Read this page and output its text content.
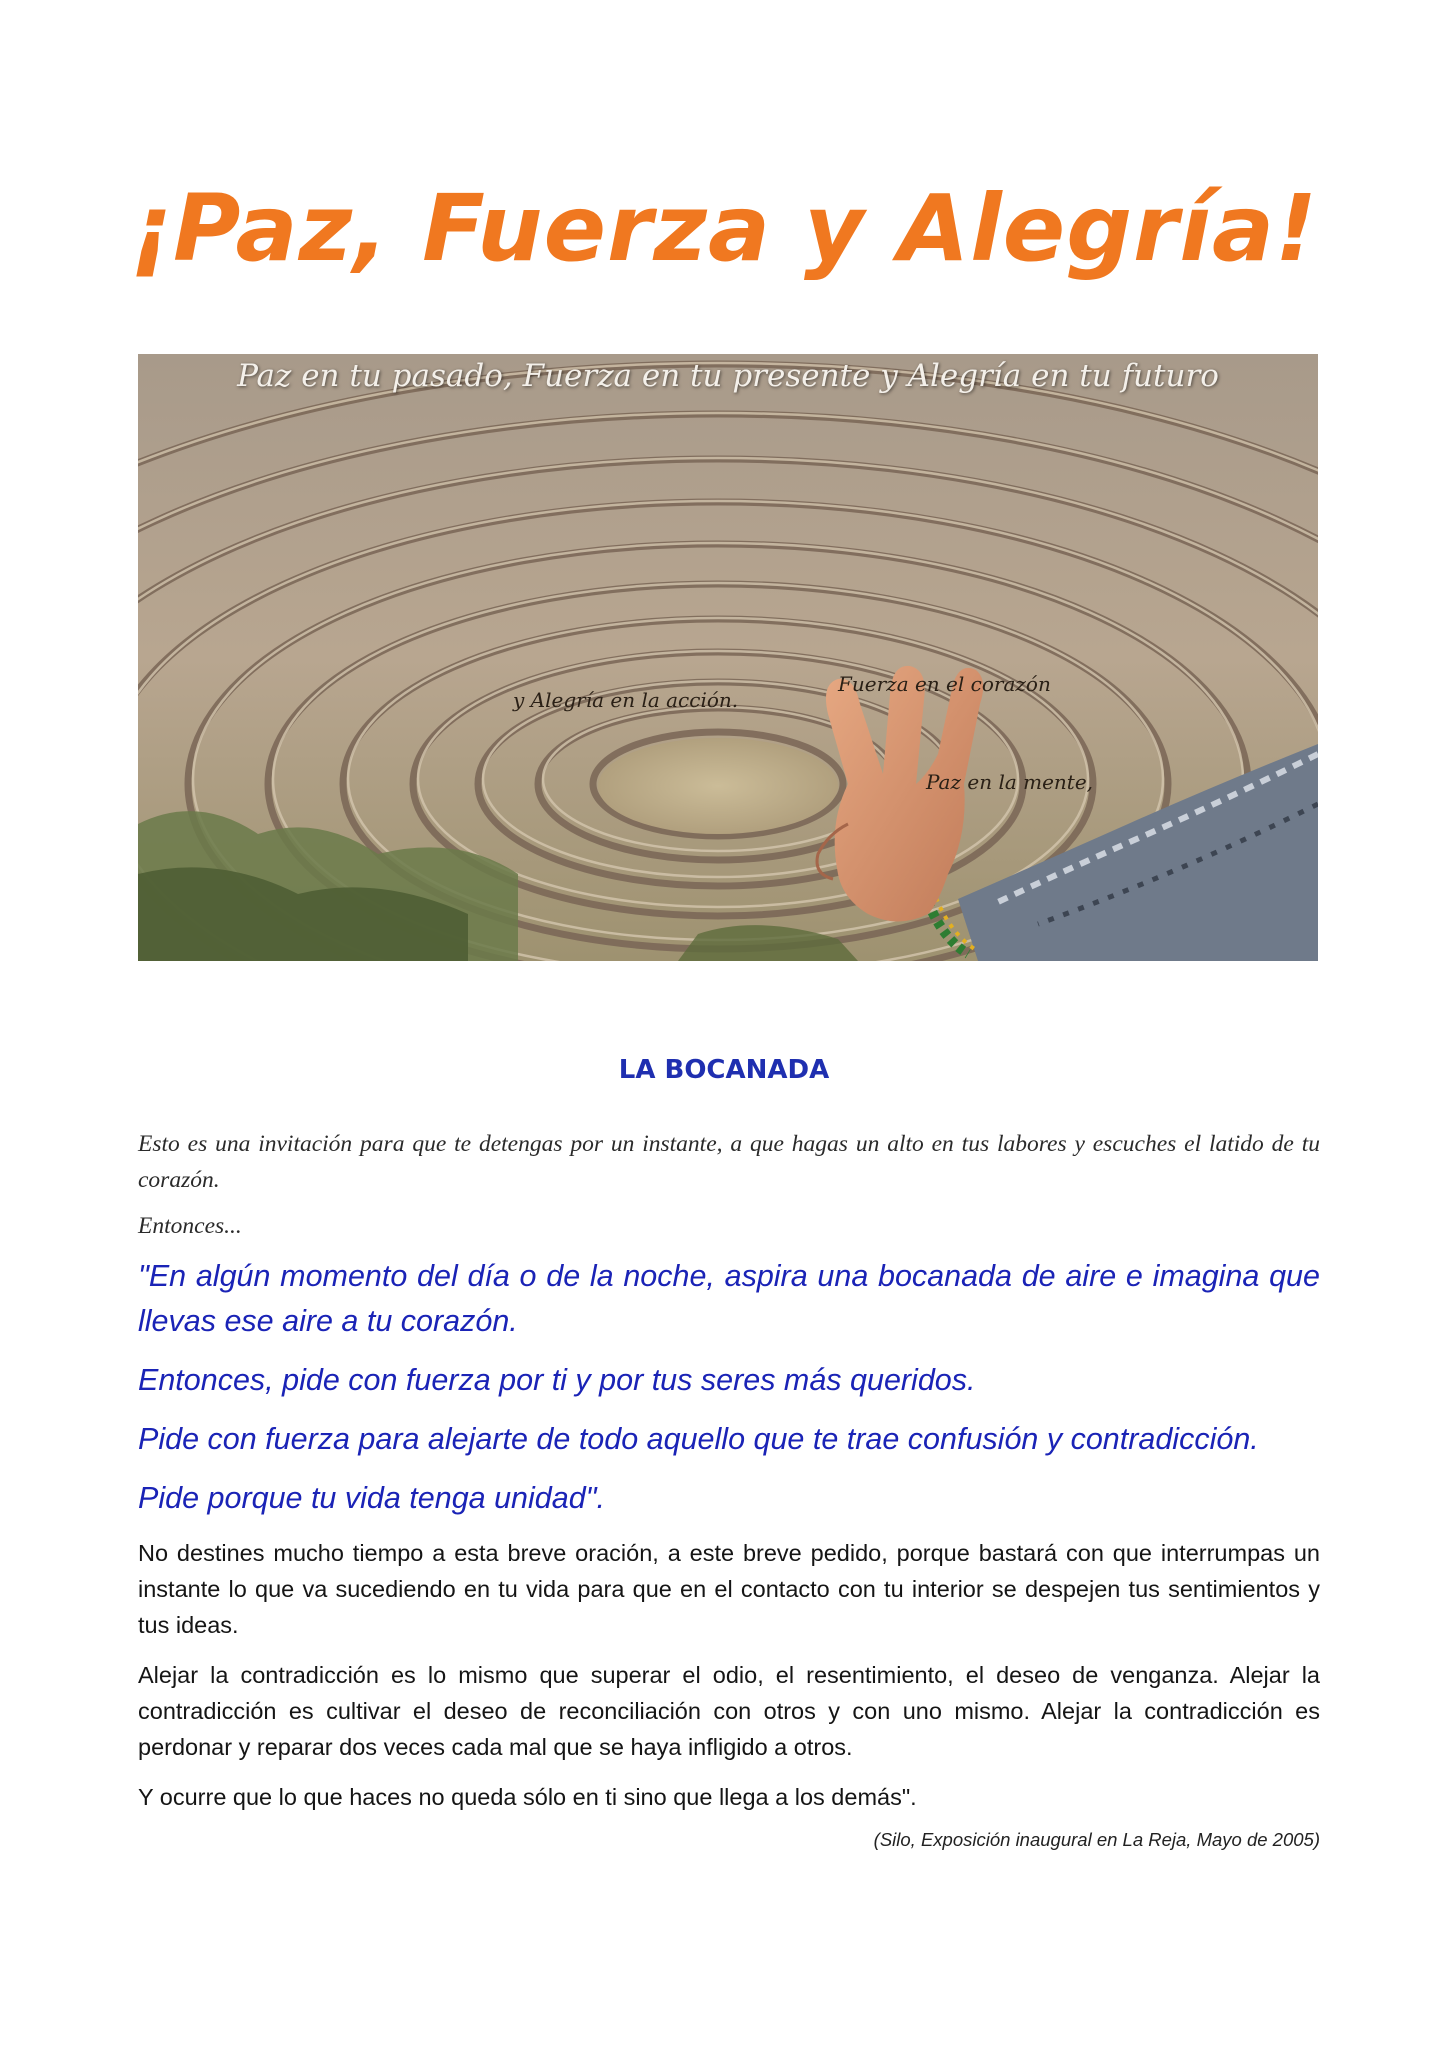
¡Paz, Fuerza y Alegría!
Paz en tu pasado, Fuerza en tu presente y Alegría en tu futuro
y Alegría en la acción.
Fuerza en el corazón
Paz en la mente,
LA BOCANADA

Esto es una invitación para que te detengas por un instante, a que hagas un alto en tus labores y escuches el latido de tu corazón.

Entonces...

"En algún momento del día o de la noche, aspira una bocanada de aire e imagina que llevas ese aire a tu corazón.

Entonces, pide con fuerza por ti y por tus seres más queridos.

Pide con fuerza para alejarte de todo aquello que te trae confusión y contradicción.

Pide porque tu vida tenga unidad".

No destines mucho tiempo a esta breve oración, a este breve pedido, porque bastará con que interrumpas un instante lo que va sucediendo en tu vida para que en el contacto con tu interior se despejen tus sentimientos y tus ideas.

Alejar la contradicción es lo mismo que superar el odio, el resentimiento, el deseo de venganza. Alejar la contradicción es cultivar el deseo de reconciliación con otros y con uno mismo. Alejar la contradicción es perdonar y reparar dos veces cada mal que se haya infligido a otros.

Y ocurre que lo que haces no queda sólo en ti sino que llega a los demás".

(Silo, Exposición inaugural en La Reja, Mayo de 2005)
